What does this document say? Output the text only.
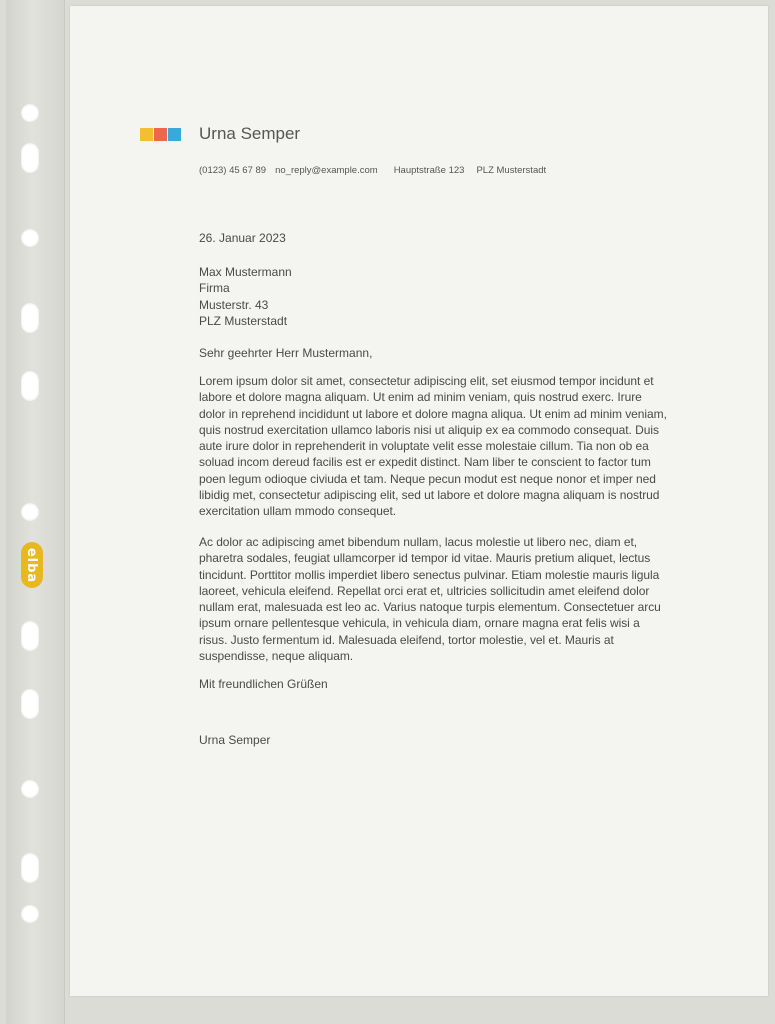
elba
Urna Semper
(0123) 45 67 89 no_reply@example.com Hauptstraße 123 PLZ Musterstadt
26. Januar 2023
Max Mustermann
Firma
Musterstr. 43
PLZ Musterstadt
Sehr geehrter Herr Mustermann,

Lorem ipsum dolor sit amet, consectetur adipiscing elit, set eiusmod tempor incidunt et labore et dolore magna aliquam. Ut enim ad minim veniam, quis nostrud exerc. Irure dolor in reprehend incididunt ut labore et dolore magna aliqua. Ut enim ad minim veniam, quis nostrud exercitation ullamco laboris nisi ut aliquip ex ea commodo consequat. Duis aute irure dolor in reprehenderit in voluptate velit esse molestaie cillum. Tia non ob ea soluad incom dereud facilis est er expedit distinct. Nam liber te conscient to factor tum poen legum odioque civiuda et tam. Neque pecun modut est neque nonor et imper ned libidig met, consectetur adipiscing elit, sed ut labore et dolore magna aliquam is nostrud exercitation ullam mmodo consequet.

Ac dolor ac adipiscing amet bibendum nullam, lacus molestie ut libero nec, diam et, pharetra sodales, feugiat ullamcorper id tempor id vitae. Mauris pretium aliquet, lectus tincidunt. Porttitor mollis imperdiet libero senectus pulvinar. Etiam molestie mauris ligula laoreet, vehicula eleifend. Repellat orci erat et, ultricies sollicitudin amet eleifend dolor nullam erat, malesuada est leo ac. Varius natoque turpis elementum. Consectetuer arcu ipsum ornare pellentesque vehicula, in vehicula diam, ornare magna erat felis wisi a risus. Justo fermentum id. Malesuada eleifend, tortor molestie, vel et. Mauris at suspendisse, neque aliquam.

Mit freundlichen Grüßen
Urna Semper
